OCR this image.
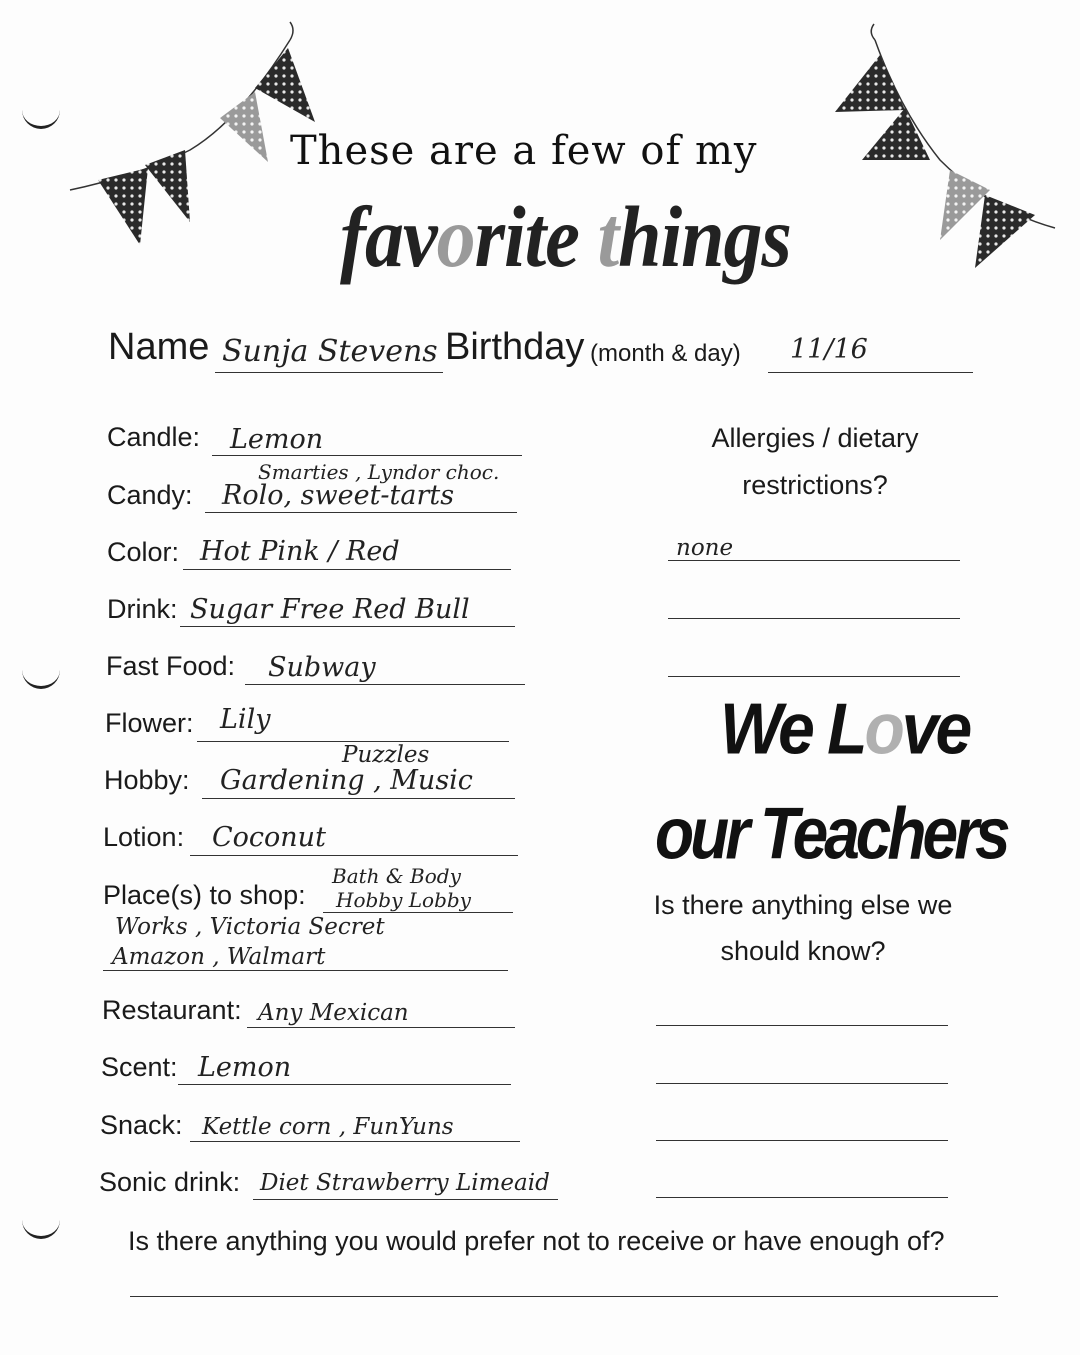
These are a few of my
favorite things
Name Sunja Stevens Birthday (month & day) 11/16
Candle: Lemon
Smarties , Lyndor choc.
Candy: Rolo, sweet-tarts
Color: Hot Pink / Red
Drink: Sugar Free Red Bull
Fast Food: Subway
Flower: Lily
Puzzles
Hobby: Gardening , Music
Lotion: Coconut
Bath & Body
Place(s) to shop: Hobby Lobby
Works , Victoria Secret
Amazon , Walmart
Restaurant: Any Mexican
Scent: Lemon
Snack: Kettle corn , FunYuns
Sonic drink: Diet Strawberry Limeaid
Allergies / dietary
restrictions?
none
We Love
our Teachers
Is there anything else we
should know?
Is there anything you would prefer not to receive or have enough of?
